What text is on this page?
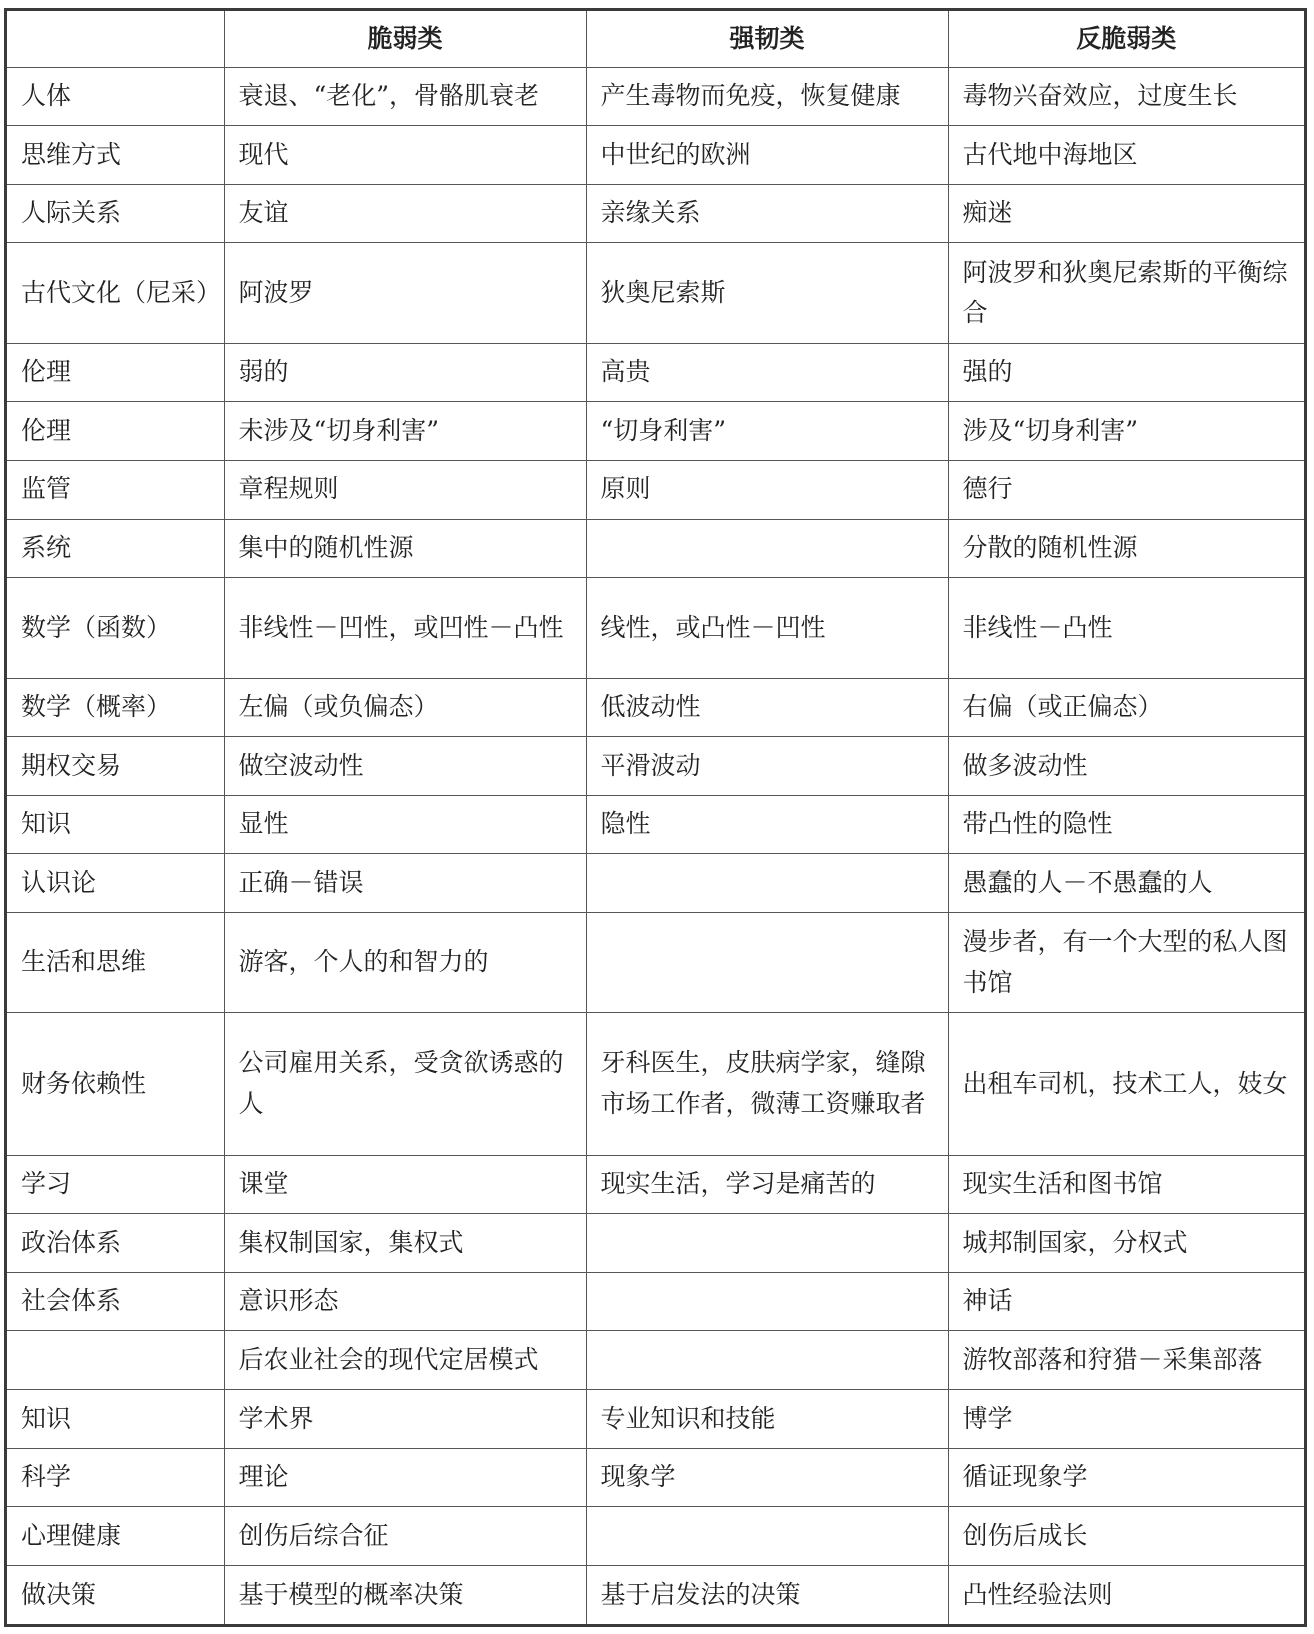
	脆弱类	强韧类	反脆弱类
人体	衰退、“老化”，骨骼肌衰老	产生毒物而免疫，恢复健康	毒物兴奋效应，过度生长
思维方式	现代	中世纪的欧洲	古代地中海地区
人际关系	友谊	亲缘关系	痴迷
古代文化（尼采）	阿波罗	狄奥尼索斯	阿波罗和狄奥尼索斯的平衡综合
伦理	弱的	高贵	强的
伦理	未涉及“切身利害”	“切身利害”	涉及“切身利害”
监管	章程规则	原则	德行
系统	集中的随机性源		分散的随机性源
数学（函数）	非线性－凹性，或凹性－凸性	线性，或凸性－凹性	非线性－凸性
数学（概率）	左偏（或负偏态）	低波动性	右偏（或正偏态）
期权交易	做空波动性	平滑波动	做多波动性
知识	显性	隐性	带凸性的隐性
认识论	正确－错误		愚蠢的人－不愚蠢的人
生活和思维	游客，个人的和智力的		漫步者，有一个大型的私人图书馆
财务依赖性	公司雇用关系，受贪欲诱惑的人	牙科医生，皮肤病学家，缝隙市场工作者，微薄工资赚取者	出租车司机，技术工人，妓女
学习	课堂	现实生活，学习是痛苦的	现实生活和图书馆
政治体系	集权制国家，集权式		城邦制国家，分权式
社会体系	意识形态		神话
	后农业社会的现代定居模式		游牧部落和狩猎－采集部落
知识	学术界	专业知识和技能	博学
科学	理论	现象学	循证现象学
心理健康	创伤后综合征		创伤后成长
做决策	基于模型的概率决策	基于启发法的决策	凸性经验法则
